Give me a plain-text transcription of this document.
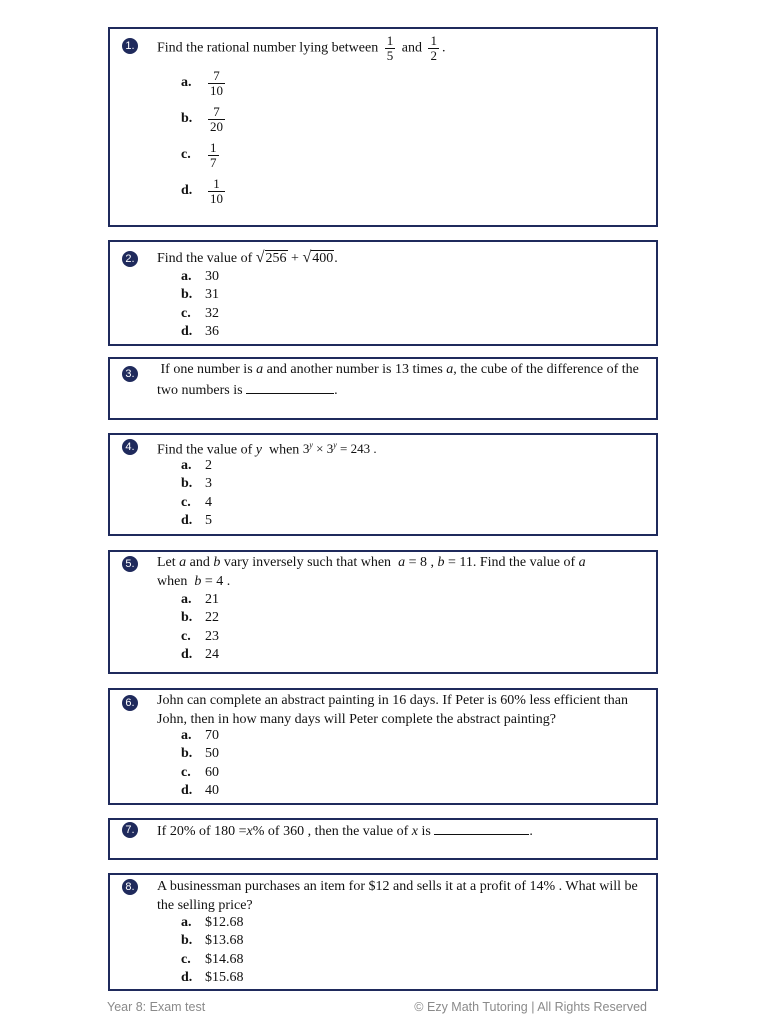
1. Find the rational number lying between $\frac{1}{5}$ and $\frac{1}{2}$ .
a.	$\frac{7}{10}$
b.	$\frac{7}{20}$
c.	$\frac{1}{7}$
d.	$\frac{1}{10}$
2. Find the value of √256 + √400.
a. 30
b. 31
c. 32
d. 36
3. If one number is a and another number is 13 times a, the cube of the difference of the two numbers is	.
4. Find the value of y when $3^y \times 3^y = 243$ .
a. 2
b. 3
c. 4
d. 5
5. Let a and b vary inversely such that when a = 8 , b = 11. Find the value of a
when b = 4 .
a. 21
b. 22
c. 23
d. 24
6. John can complete an abstract painting in 16 days. If Peter is 60% less efficient than John, then in how many days will Peter complete the abstract painting?
a. 70
b. 50
c. 60
d. 40
7. If 20% of 180 =x% of 360 , then the value of x is	.
8. A businessman purchases an item for $12 and sells it at a profit of 14% . What will be the selling price?
a. $12.68
b. $13.68
c. $14.68
d. $15.68
Year 8: Exam test	© Ezy Math Tutoring | All Rights Reserved
